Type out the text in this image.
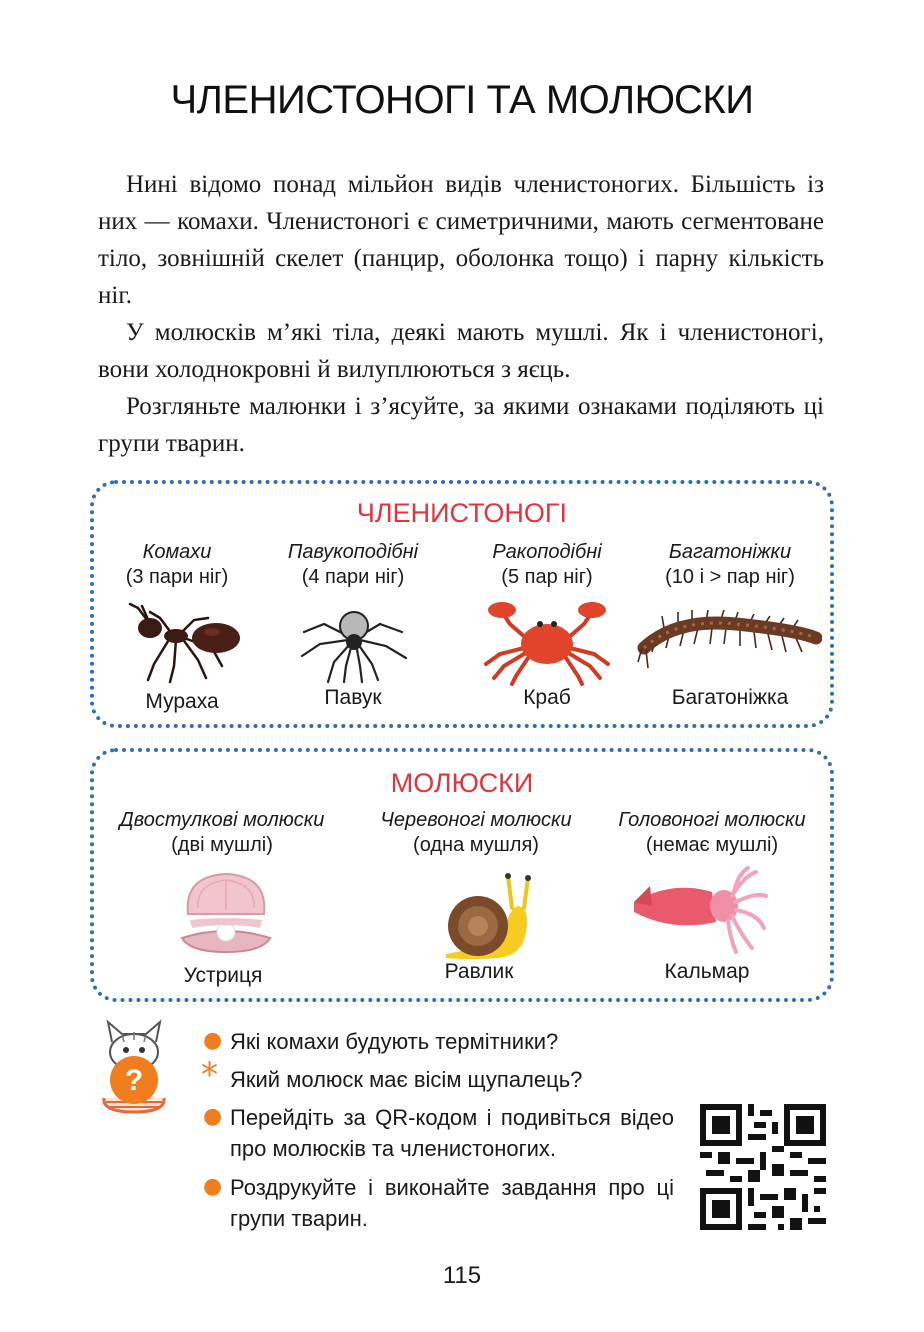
ЧЛЕНИСТОНОГІ ТА МОЛЮСКИ

Нині відомо понад мільйон видів членистоногих. Більшість із них — комахи. Членистоногі є симетричними, мають сегментоване тіло, зовнішній скелет (панцир, оболонка тощо) і парну кількість ніг.

У молюсків м’які тіла, деякі мають мушлі. Як і членистоногі, вони холоднокровні й вилуплюються з яєць.

Розгляньте малюнки і з’ясуйте, за якими ознаками поділяють ці групи тварин.

ЧЛЕНИСТОНОГІ
Комахи
(3 пари ніг)
Павукоподібні
(4 пари ніг)
Ракоподібні
(5 пар ніг)
Багатоніжки
(10 і > пар ніг)
Мураха	Павук	Краб	Багатоніжка
МОЛЮСКИ
Двостулкові молюски
(дві мушлі)
Черевоногі молюски
(одна мушля)
Головоногі молюски
(немає мушлі)
Устриця	Равлик	Кальмар
?
● Які комахи будують термітники?
* Який молюск має вісім щупалець?
● Перейдіть за QR-кодом і подивіться відео про молюсків та членистоногих.
● Роздрукуйте і виконайте завдання про ці групи тварин.
115
